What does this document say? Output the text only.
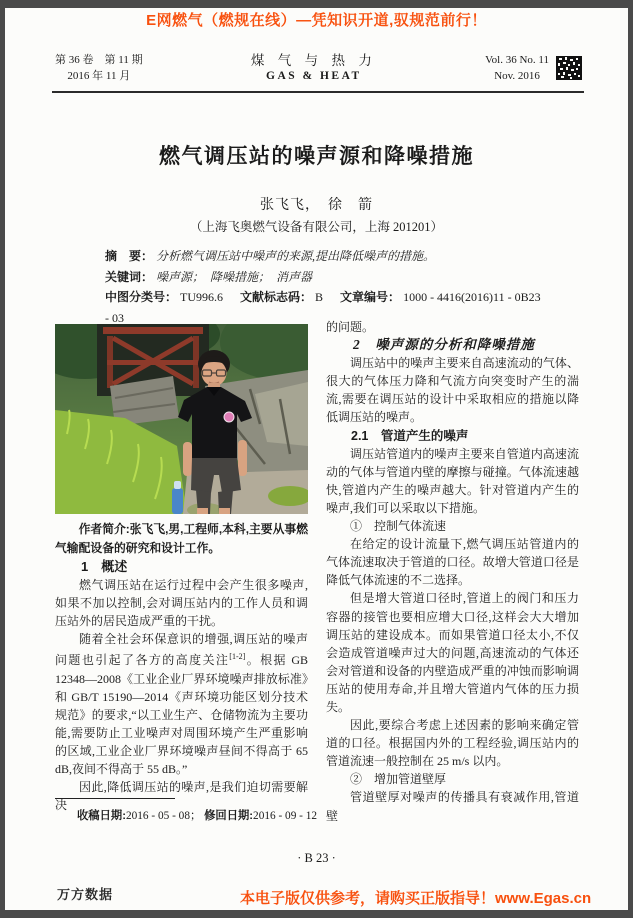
E网燃气（燃规在线）—凭知识开道,驭规范前行！
第 36 卷　第 11 期
2016 年 11 月
煤 气 与 热 力
GAS & HEAT
Vol. 36 No. 11
Nov. 2016
燃气调压站的噪声源和降噪措施
张飞飞，　徐　箭
（上海飞奥燃气设备有限公司，上海 201201）
摘　要： 分析燃气调压站中噪声的来源,提出降低噪声的措施。
关键词： 噪声源；　降噪措施；　消声器
中图分类号： TU996.6 文献标志码： B 文章编号： 1000 - 4416(2016)11 - 0B23 - 03
作者简介:张飞飞,男,工程师,本科,主要从事燃气输配设备的研究和设计工作。

1　概述

燃气调压站在运行过程中会产生很多噪声,如果不加以控制,会对调压站内的工作人员和调压站外的居民造成严重的干扰。

随着全社会环保意识的增强,调压站的噪声问题也引起了各方的高度关注[1-2]。根据 GB 12348—2008《工业企业厂界环境噪声排放标准》和 GB/T 15190—2014《声环境功能区划分技术规范》的要求,“以工业生产、仓储物流为主要功能,需要防止工业噪声对周围环境产生严重影响的区域,工业企业厂界环境噪声昼间不得高于 65 dB,夜间不得高于 55 dB。”

因此,降低调压站的噪声,是我们迫切需要解决

的问题。

2　噪声源的分析和降噪措施

调压站中的噪声主要来自高速流动的气体、很大的气体压力降和气流方向突变时产生的湍流,需要在调压站的设计中采取相应的措施以降低调压站的噪声。

2.1　管道产生的噪声

调压站管道内的噪声主要来自管道内高速流动的气体与管道内壁的摩擦与碰撞。气体流速越快,管道内产生的噪声越大。针对管道内产生的噪声,我们可以采取以下措施。

①　控制气体流速

在给定的设计流量下,燃气调压站管道内的气体流速取决于管道的口径。故增大管道口径是降低气体流速的不二选择。

但是增大管道口径时,管道上的阀门和压力容器的接管也要相应增大口径,这样会大大增加调压站的建设成本。而如果管道口径太小,不仅会造成管道噪声过大的问题,高速流动的气体还会对管道和设备的内壁造成严重的冲蚀而影响调压站的使用寿命,并且增大管道内气体的压力损失。

因此,要综合考虑上述因素的影响来确定管道的口径。根据国内外的工程经验,调压站内的管道流速一般控制在 25 m/s 以内。

②　增加管道壁厚

管道壁厚对噪声的传播具有衰减作用,管道壁

收稿日期:2016 - 05 - 08； 修回日期:2016 - 09 - 12
· B 23 ·
万方数据	本电子版仅供参考，请购买正版指导！www.Egas.cn
